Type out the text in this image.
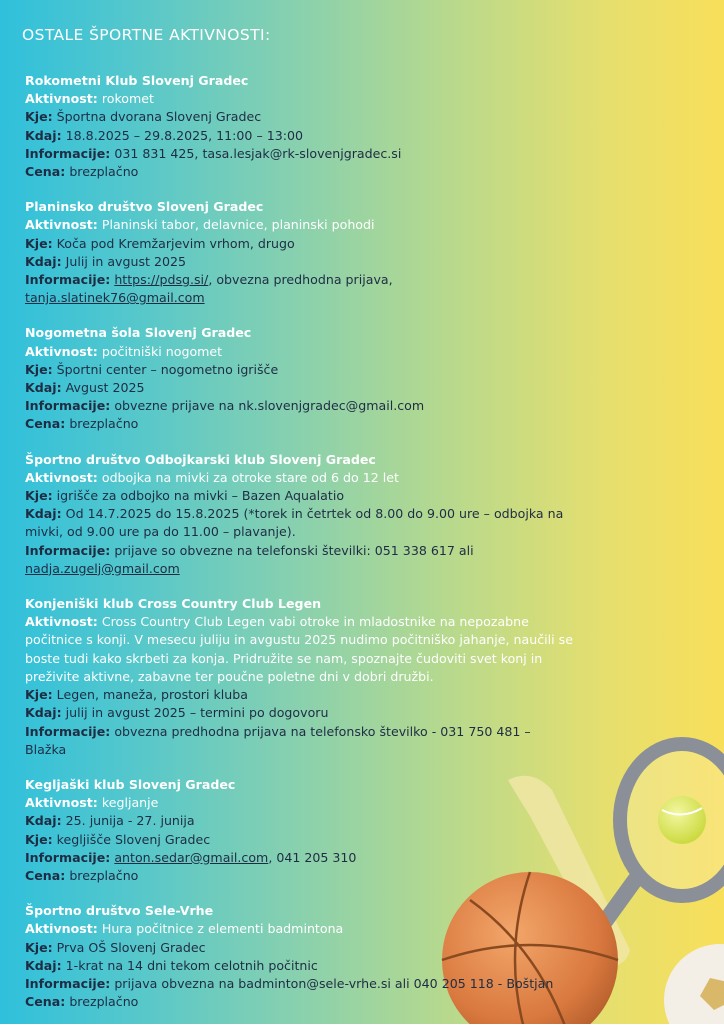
OSTALE ŠPORTNE AKTIVNOSTI:
Rokometni Klub Slovenj Gradec
Aktivnost: rokomet
Kje: Športna dvorana Slovenj Gradec
Kdaj: 18.8.2025 – 29.8.2025, 11:00 – 13:00
Informacije: 031 831 425, tasa.lesjak@rk-slovenjgradec.si
Cena: brezplačno
Planinsko društvo Slovenj Gradec
Aktivnost: Planinski tabor, delavnice, planinski pohodi
Kje: Koča pod Kremžarjevim vrhom, drugo
Kdaj: Julij in avgust 2025
Informacije: https://pdsg.si/, obvezna predhodna prijava,
tanja.slatinek76@gmail.com
Nogometna šola Slovenj Gradec
Aktivnost: počitniški nogomet
Kje: Športni center – nogometno igrišče
Kdaj: Avgust 2025
Informacije: obvezne prijave na nk.slovenjgradec@gmail.com
Cena: brezplačno
Športno društvo Odbojkarski klub Slovenj Gradec
Aktivnost: odbojka na mivki za otroke stare od 6 do 12 let
Kje: igrišče za odbojko na mivki – Bazen Aqualatio
Kdaj: Od 14.7.2025 do 15.8.2025 (*torek in četrtek od 8.00 do 9.00 ure – odbojka na
mivki, od 9.00 ure pa do 11.00 – plavanje).
Informacije: prijave so obvezne na telefonski številki: 051 338 617 ali
nadja.zugelj@gmail.com
Konjeniški klub Cross Country Club Legen
Aktivnost: Cross Country Club Legen vabi otroke in mladostnike na nepozabne
počitnice s konji. V mesecu juliju in avgustu 2025 nudimo počitniško jahanje, naučili se
boste tudi kako skrbeti za konja. Pridružite se nam, spoznajte čudoviti svet konj in
preživite aktivne, zabavne ter poučne poletne dni v dobri družbi.
Kje: Legen, maneža, prostori kluba
Kdaj: julij in avgust 2025 – termini po dogovoru
Informacije: obvezna predhodna prijava na telefonsko številko - 031 750 481 –
Blažka
Kegljaški klub Slovenj Gradec
Aktivnost: kegljanje
Kdaj: 25. junija - 27. junija
Kje: kegljišče Slovenj Gradec
Informacije: anton.sedar@gmail.com, 041 205 310
Cena: brezplačno
Športno društvo Sele-Vrhe
Aktivnost: Hura počitnice z elementi badmintona
Kje: Prva OŠ Slovenj Gradec
Kdaj: 1-krat na 14 dni tekom celotnih počitnic
Informacije: prijava obvezna na badminton@sele-vrhe.si ali 040 205 118 - Boštjan
Cena: brezplačno
